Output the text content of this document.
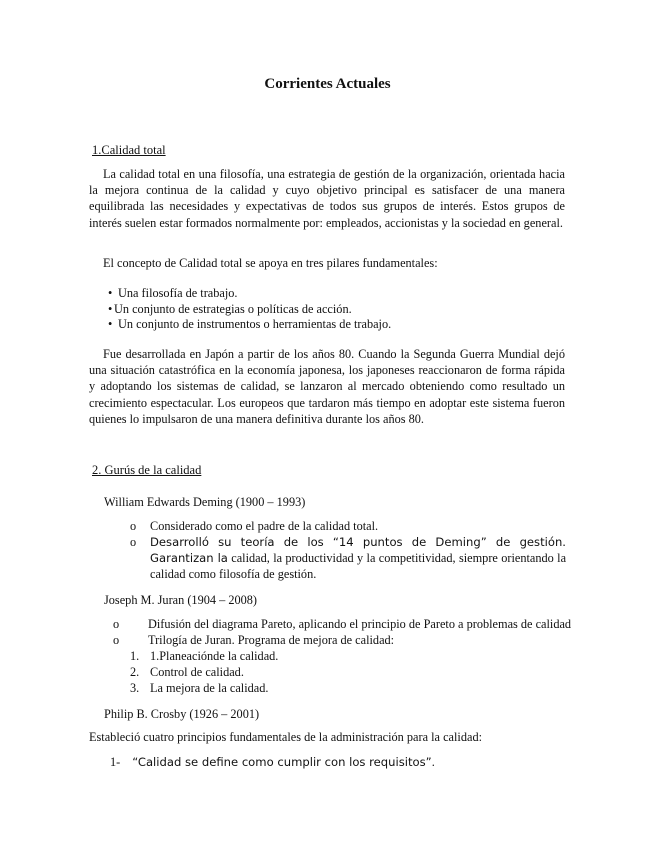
Corrientes Actuales

1.Calidad total

La calidad total en una filosofía, una estrategia de gestión de la organización, orientada hacia la mejora continua de la calidad y cuyo objetivo principal es satisfacer de una manera equilibrada las necesidades y expectativas de todos sus grupos de interés. Estos grupos de interés suelen estar formados normalmente por: empleados, accionistas y la sociedad en general.

El concepto de Calidad total se apoya en tres pilares fundamentales:

• Una filosofía de trabajo.
• Un conjunto de estrategias o políticas de acción.
• Un conjunto de instrumentos o herramientas de trabajo.

Fue desarrollada en Japón a partir de los años 80. Cuando la Segunda Guerra Mundial dejó una situación catastrófica en la economía japonesa, los japoneses reaccionaron de forma rápida y adoptando los sistemas de calidad, se lanzaron al mercado obteniendo como resultado un crecimiento espectacular. Los europeos que tardaron más tiempo en adoptar este sistema fueron quienes lo impulsaron de una manera definitiva durante los años 80.

2. Gurús de la calidad

William Edwards Deming (1900 – 1993)

o Considerado como el padre de la calidad total.
o Desarrolló su teoría de los “14 puntos de Deming” de gestión. Garantizan la calidad, la productividad y la competitividad, siempre orientando la calidad como filosofía de gestión.

Joseph M. Juran (1904 – 2008)

o Difusión del diagrama Pareto, aplicando el principio de Pareto a problemas de calidad
o Trilogía de Juran. Programa de mejora de calidad:
1. 1.Planeaciónde la calidad.
2. Control de calidad.
3. La mejora de la calidad.

Philip B. Crosby (1926 – 2001)

Estableció cuatro principios fundamentales de la administración para la calidad:

1- “Calidad se define como cumplir con los requisitos”.
